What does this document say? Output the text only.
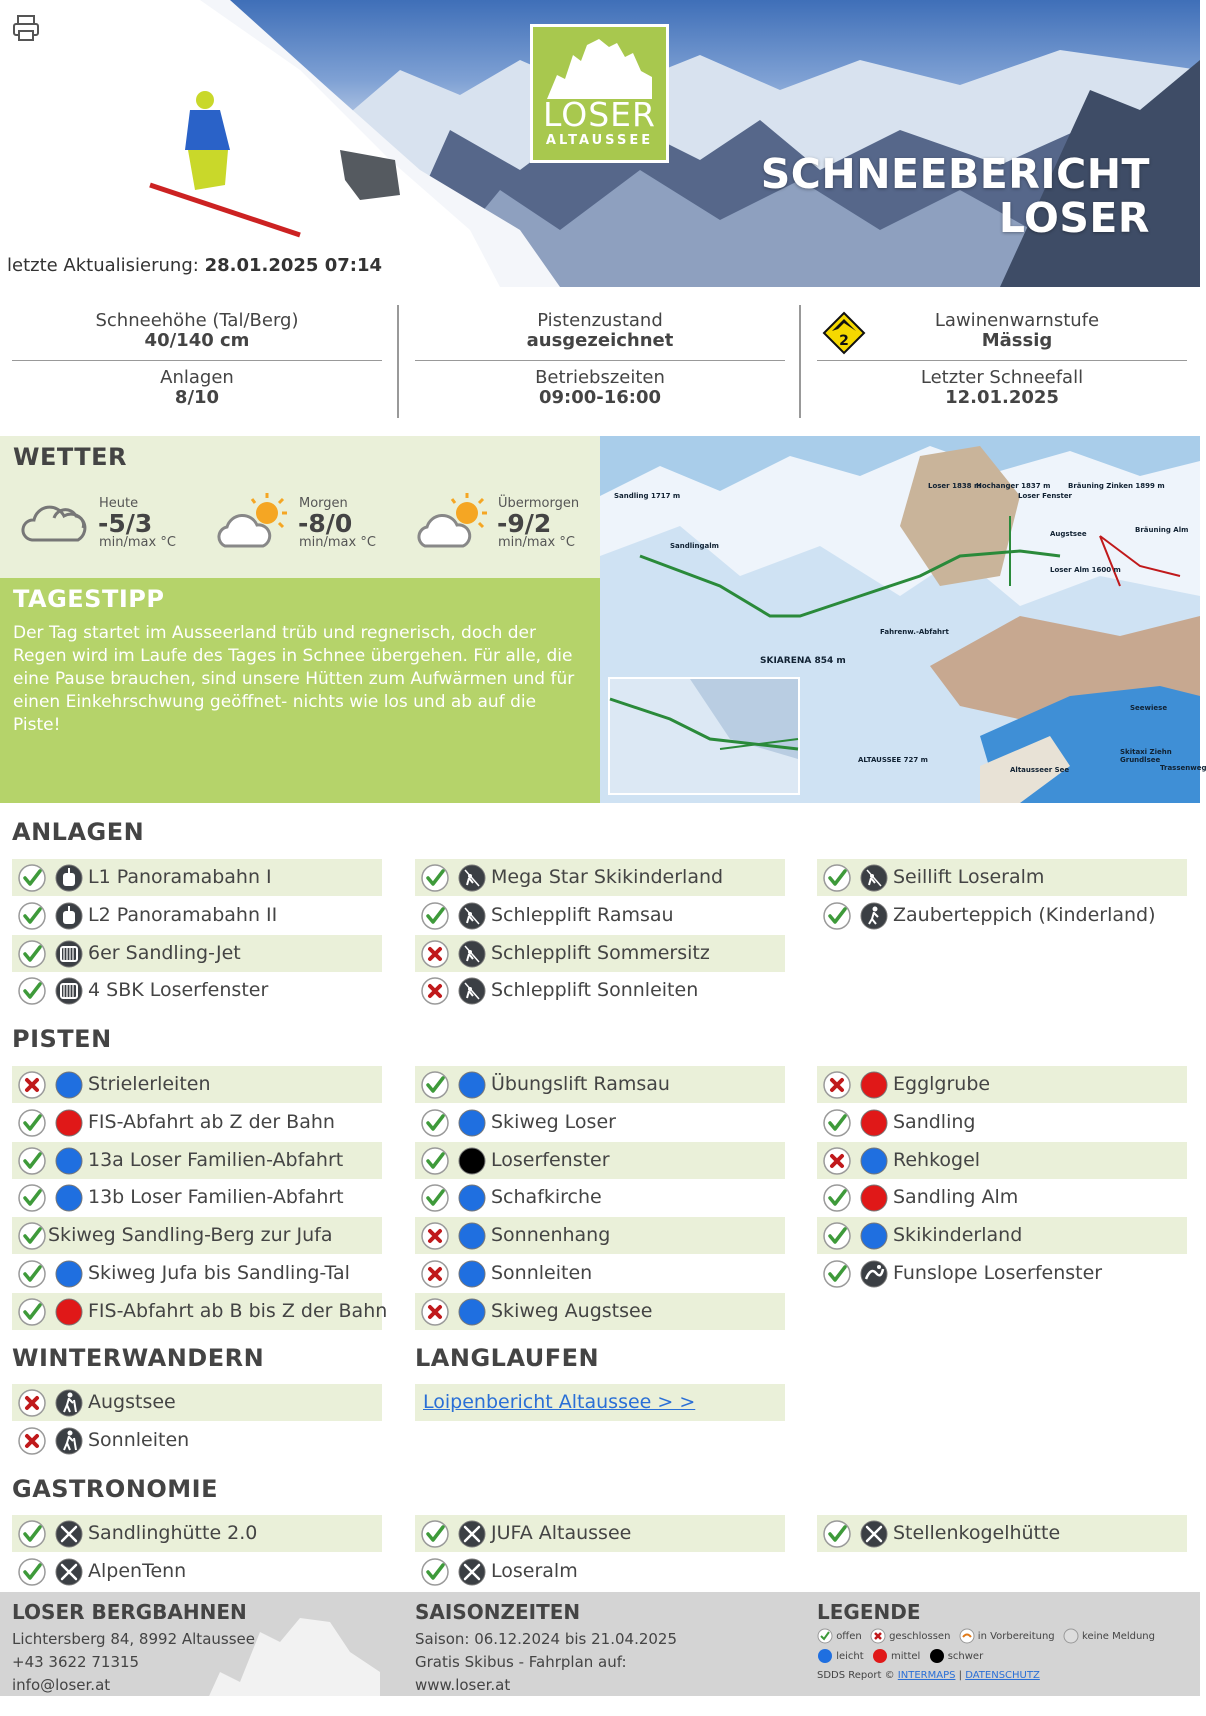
LOSER
ALTAUSSEE
SCHNEEBERICHT
LOSER
letzte Aktualisierung: 28.01.2025 07:14
Schneehöhe (Tal/Berg)
40/140 cm
Anlagen
8/10
Pistenzustand
ausgezeichnet
Betriebszeiten
09:00-16:00
Lawinenwarnstufe
Mässig
Letzter Schneefall
12.01.2025
2
WETTER
Heute
-5/3
min/max °C
Morgen
-8/0
min/max °C
Übermorgen
-9/2
min/max °C
TAGESTIPP
Der Tag startet im Ausseerland trüb und regnerisch, doch der Regen wird im Laufe des Tages in Schnee übergehen. Für alle, die eine Pause brauchen, sind unsere Hütten zum Aufwärmen und für einen Einkehrschwung geöffnet- nichts wie los und ab auf die Piste!
Sandling 1717 m
Loser 1838 m
Hochanger 1837 m
Loser Fenster
Bräuning Zinken 1899 m
Augstsee	Bräuning Alm
Loser Alm 1600 m
Sandlingalm
SKIARENA 854 m
Fahrenw.-Abfahrt
ALTAUSSEE 727 m
Altausseer See
Seewiese
Skitaxi Ziehn Grundlsee
Trassenweg
ANLAGEN
L1 Panoramabahn I
L2 Panoramabahn II
6er Sandling-Jet
4 SBK Loserfenster
Mega Star Skikinderland
Schlepplift Ramsau
Schlepplift Sommersitz
Schlepplift Sonnleiten
Seillift Loseralm
Zauberteppich (Kinderland)
PISTEN
Strielerleiten
FIS-Abfahrt ab Z der Bahn
13a Loser Familien-Abfahrt
13b Loser Familien-Abfahrt
Skiweg Sandling-Berg zur Jufa
Skiweg Jufa bis Sandling-Tal
FIS-Abfahrt ab B bis Z der Bahn
Übungslift Ramsau
Skiweg Loser
Loserfenster
Schafkirche
Sonnenhang
Sonnleiten
Skiweg Augstsee
Egglgrube
Sandling
Rehkogel
Sandling Alm
Skikinderland
Funslope Loserfenster
WINTERWANDERN
Augstsee
Sonnleiten
LANGLAUFEN
Loipenbericht Altaussee > >
GASTRONOMIE
Sandlinghütte 2.0
AlpenTenn
JUFA Altaussee
Loseralm
Stellenkogelhütte
LOSER BERGBAHNEN
Lichtersberg 84, 8992 Altaussee
+43 3622 71315
info@loser.at
SAISONZEITEN
Saison: 06.12.2024 bis 21.04.2025
Gratis Skibus - Fahrplan auf:
www.loser.at
LEGENDE
offen	geschlossen	in Vorbereitung	keine Meldung
leicht	mittel	schwer
SDDS Report © INTERMAPS | DATENSCHUTZ
